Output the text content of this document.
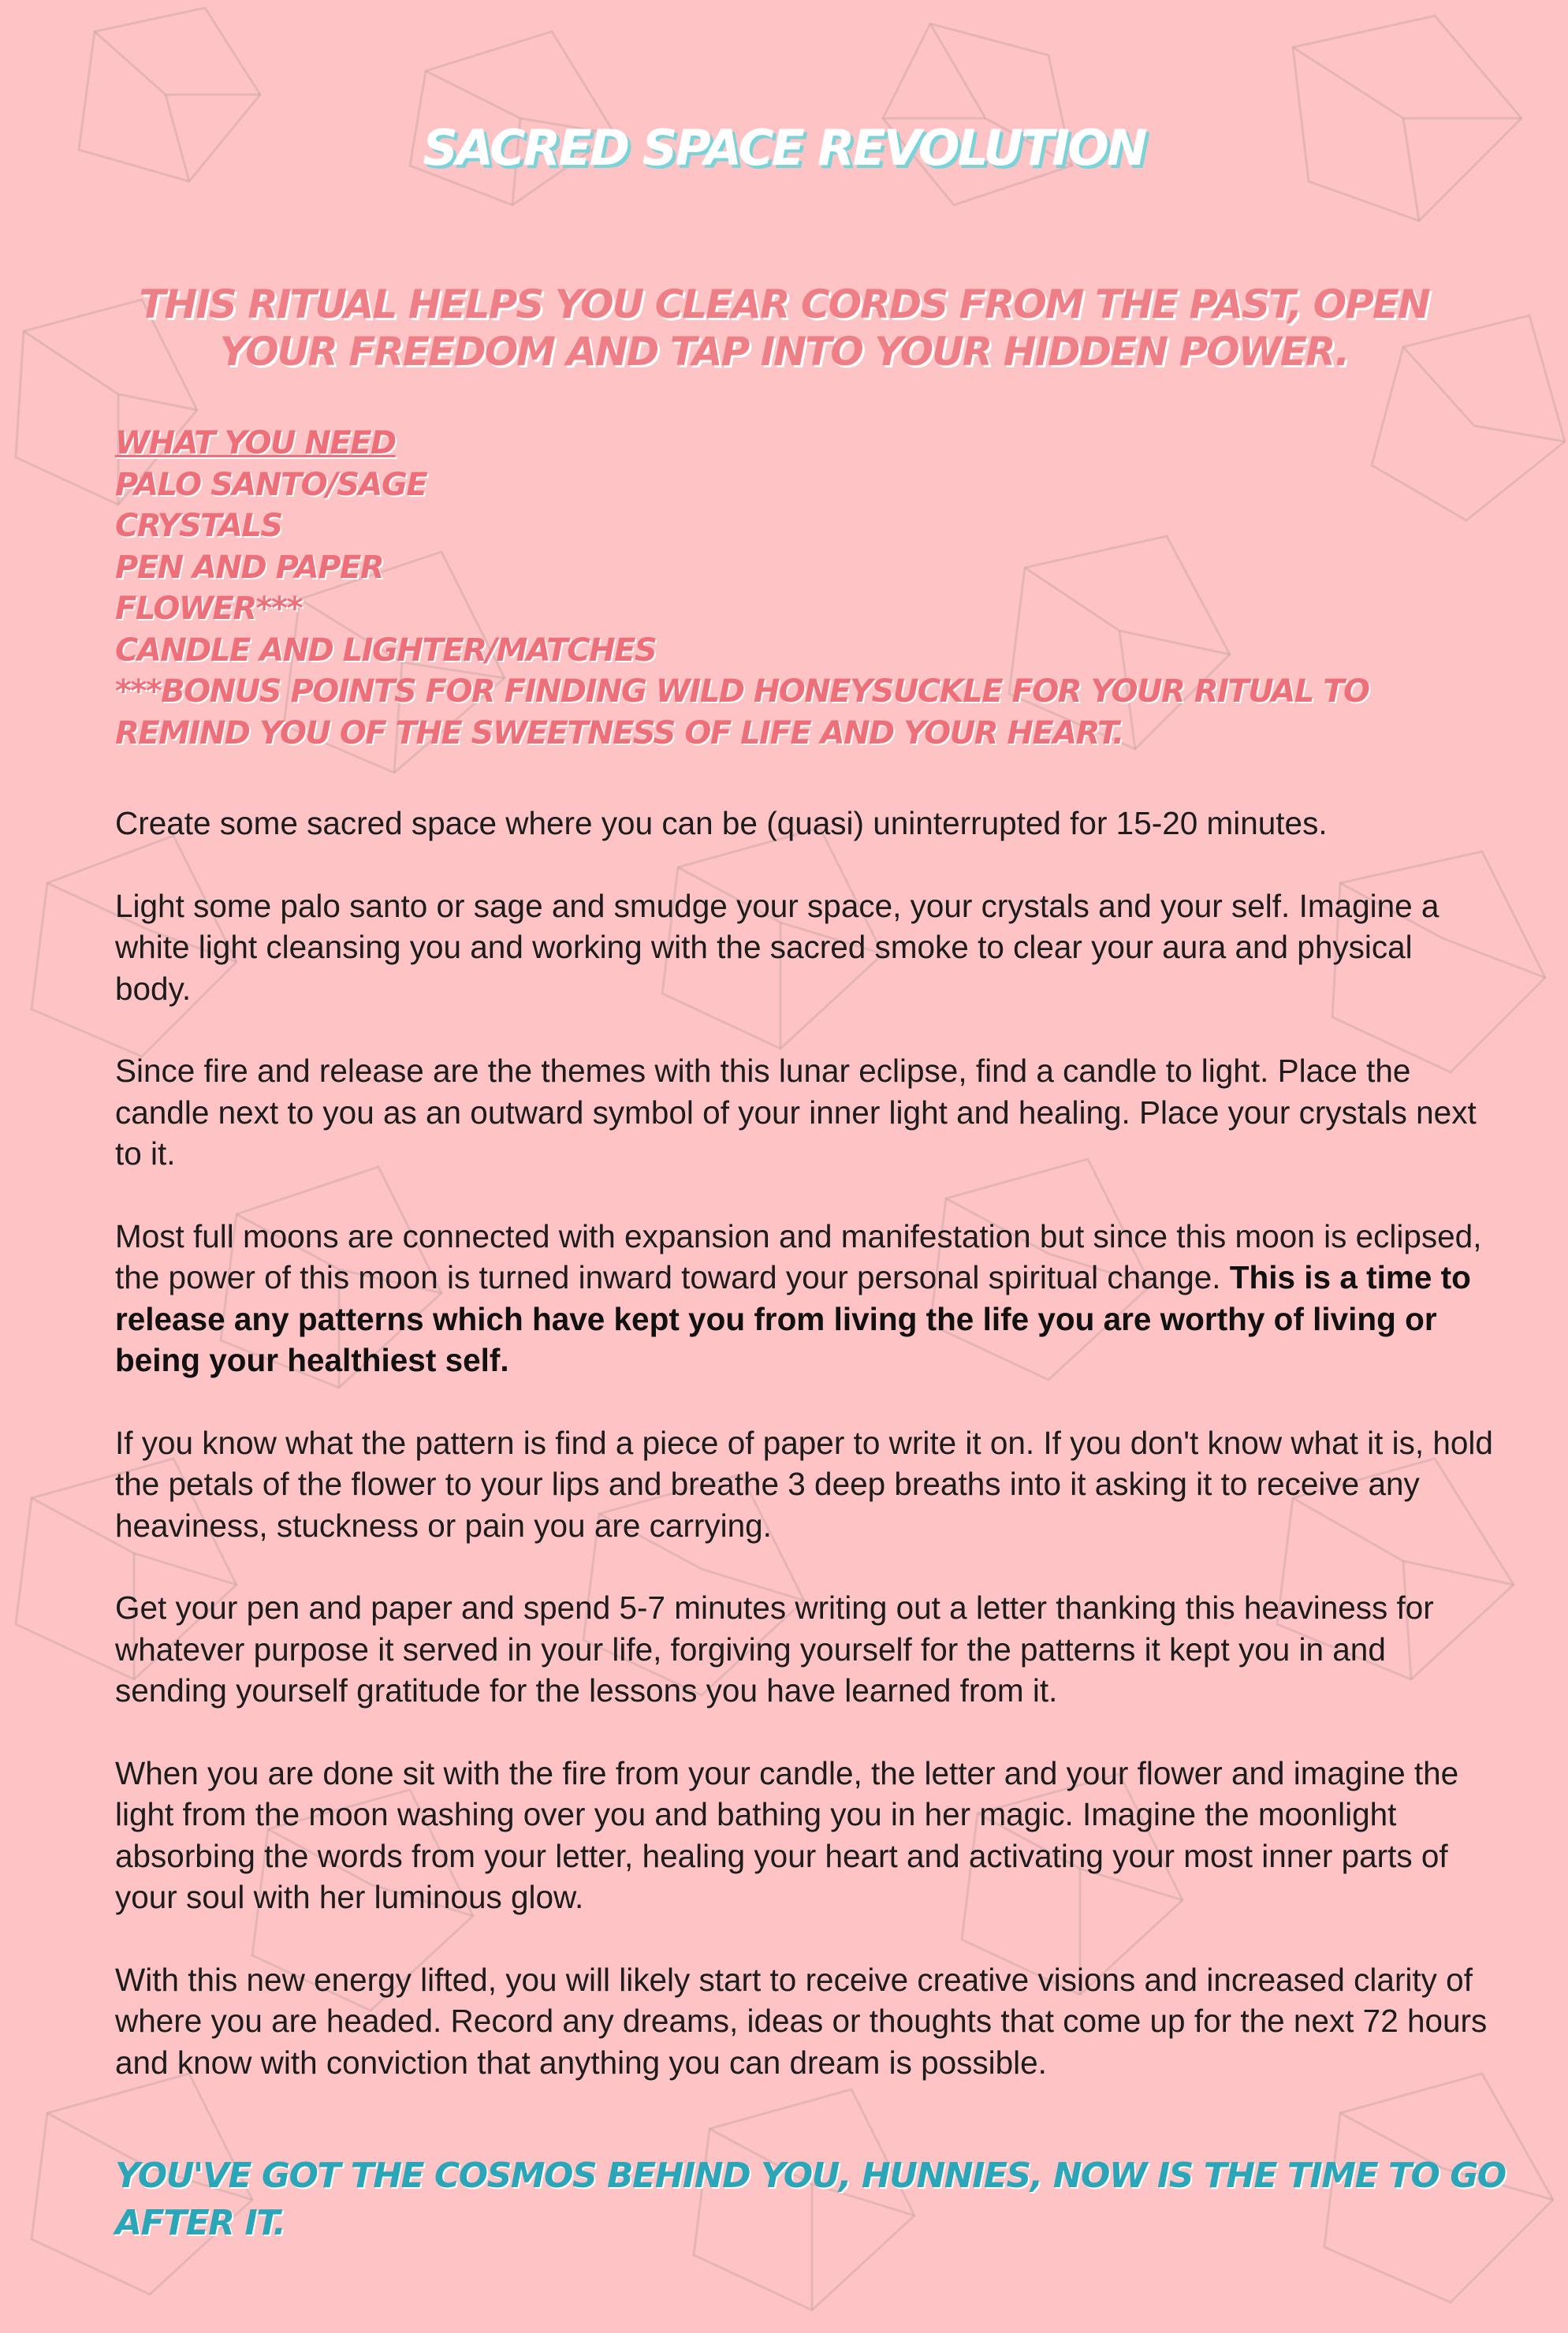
SACRED SPACE REVOLUTION
THIS RITUAL HELPS YOU CLEAR CORDS FROM THE PAST, OPEN YOUR FREEDOM AND TAP INTO YOUR HIDDEN POWER.
WHAT YOU NEED
PALO SANTO/SAGE
CRYSTALS
PEN AND PAPER
FLOWER***
CANDLE AND LIGHTER/MATCHES
***BONUS POINTS FOR FINDING WILD HONEYSUCKLE FOR YOUR RITUAL TO REMIND YOU OF THE SWEETNESS OF LIFE AND YOUR HEART.

Create some sacred space where you can be (quasi) uninterrupted for 15-20 minutes.

Light some palo santo or sage and smudge your space, your crystals and your self. Imagine a white light cleansing you and working with the sacred smoke to clear your aura and physical body.

Since fire and release are the themes with this lunar eclipse, find a candle to light. Place the candle next to you as an outward symbol of your inner light and healing. Place your crystals next to it.

Most full moons are connected with expansion and manifestation but since this moon is eclipsed, the power of this moon is turned inward toward your personal spiritual change. This is a time to release any patterns which have kept you from living the life you are worthy of living or being your healthiest self.

If you know what the pattern is find a piece of paper to write it on. If you don't know what it is, hold the petals of the flower to your lips and breathe 3 deep breaths into it asking it to receive any heaviness, stuckness or pain you are carrying.

Get your pen and paper and spend 5-7 minutes writing out a letter thanking this heaviness for whatever purpose it served in your life, forgiving yourself for the patterns it kept you in and sending yourself gratitude for the lessons you have learned from it.

When you are done sit with the fire from your candle, the letter and your flower and imagine the light from the moon washing over you and bathing you in her magic. Imagine the moonlight absorbing the words from your letter, healing your heart and activating your most inner parts of your soul with her luminous glow.

With this new energy lifted, you will likely start to receive creative visions and increased clarity of where you are headed. Record any dreams, ideas or thoughts that come up for the next 72 hours and know with conviction that anything you can dream is possible.

YOU'VE GOT THE COSMOS BEHIND YOU, HUNNIES, NOW IS THE TIME TO GO AFTER IT.
